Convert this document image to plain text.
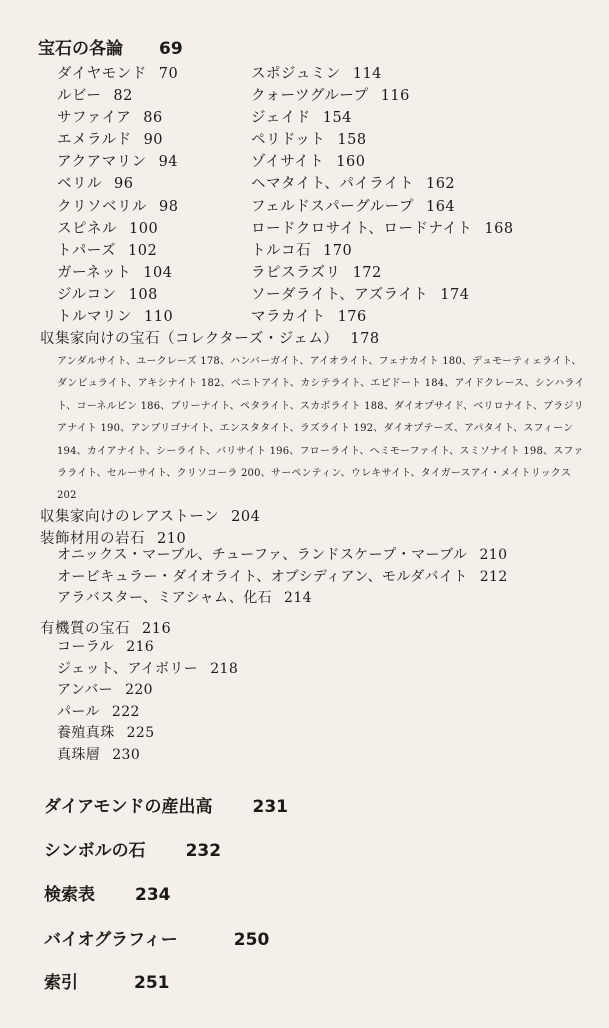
宝石の各論 69
ダイヤモンド 70
ルビー 82
サファイア 86
エメラルド 90
アクアマリン 94
ベリル 96
クリソベリル 98
スピネル 100
トパーズ 102
ガーネット 104
ジルコン 108
トルマリン 110
スポジュミン 114
クォーツグループ 116
ジェイド 154
ペリドット 158
ゾイサイト 160
ヘマタイト、パイライト 162
フェルドスパーグループ 164
ロードクロサイト、ロードナイト 168
トルコ石 170
ラピスラズリ 172
ソーダライト、アズライト 174
マラカイト 176
収集家向けの宝石（コレクターズ・ジェム） 178
アンダルサイト、ユークレーズ 178、ハンバーガイト、アイオライト、フェナカイト 180、デュモーティェライト、ダンビュライト、アキシナイト 182、ベニトアイト、カシテライト、エピドート 184、アイドクレース、シンハライト、コーネルピン 186、ブリーナイト、ペタライト、スカボライト 188、ダイオプサイド、ベリロナイト、ブラジリアナイト 190、アンブリゴナイト、エンスタタイト、ラズライト 192、ダイオプテーズ、アパタイト、スフィーン 194、カイアナイト、シーライト、バリサイト 196、フローライト、ヘミモーファイト、スミソナイト 198、スファラライト、セルーサイト、クリソコーラ 200、サーペンティン、ウレキサイト、タイガースアイ・メイトリックス 202
収集家向けのレアストーン 204
装飾材用の岩石 210
オニックス・マーブル、チューファ、ランドスケープ・マーブル 210
オービキュラー・ダイオライト、オブシディアン、モルダバイト 212
アラバスター、ミアシャム、化石 214
有機質の宝石 216
コーラル 216
ジェット、アイボリー 218
アンバー 220
パール 222
養殖真珠 225
真珠層 230
ダイアモンドの産出高 231
シンボルの石 232
検索表 234
バイオグラフィー	250
索引	251
